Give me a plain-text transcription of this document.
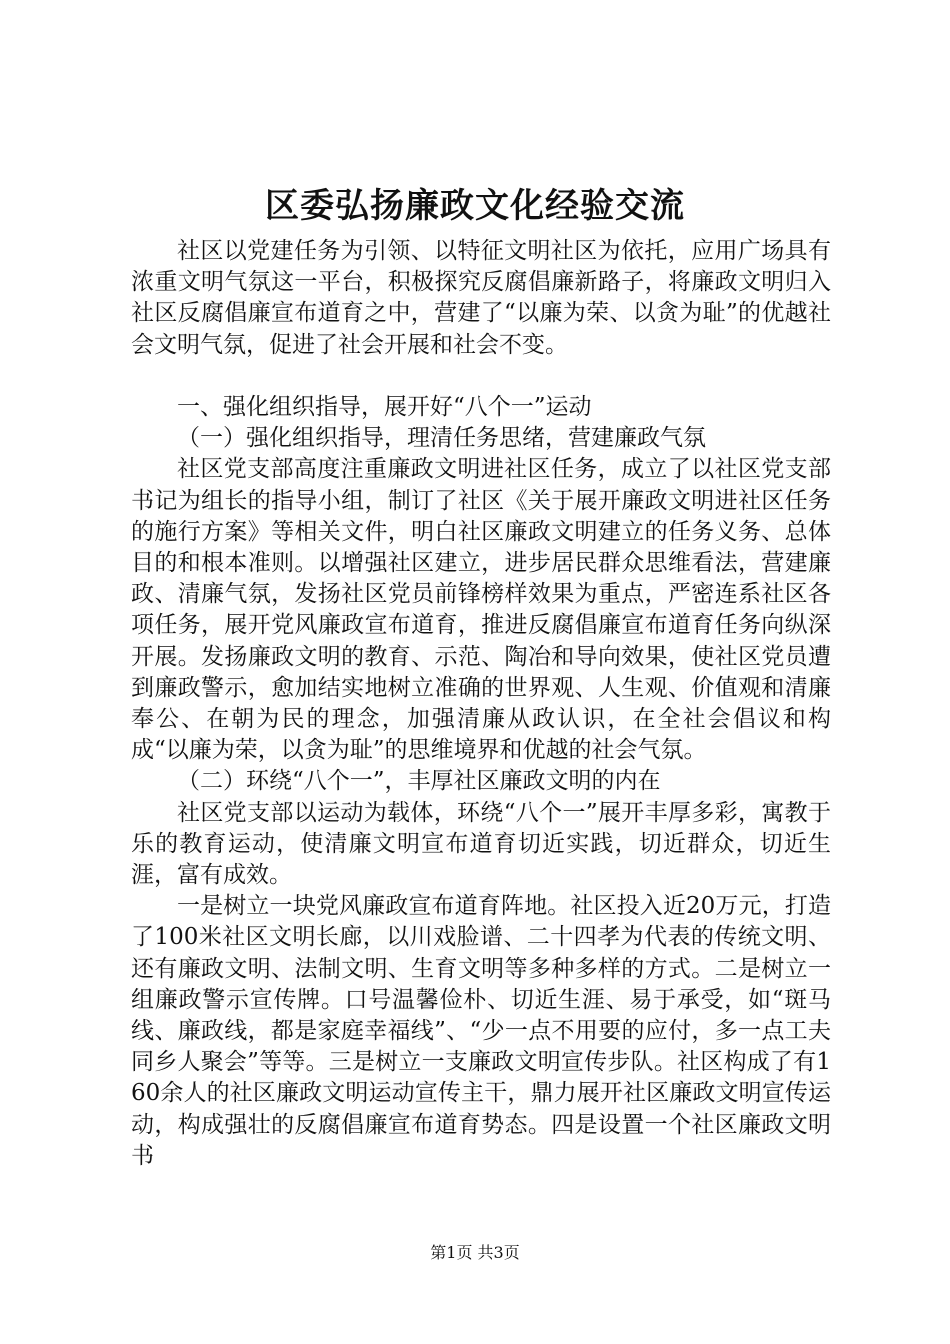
区委弘扬廉政文化经验交流

社区以党建任务为引领、以特征文明社区为依托，应用广场具有浓重文明气氛这一平台，积极探究反腐倡廉新路子，将廉政文明归入社区反腐倡廉宣布道育之中，营建了“以廉为荣、以贪为耻”的优越社会文明气氛，促进了社会开展和社会不变。

一、强化组织指导，展开好“八个一”运动

（一）强化组织指导，理清任务思绪，营建廉政气氛

社区党支部高度注重廉政文明进社区任务，成立了以社区党支部书记为组长的指导小组，制订了社区《关于展开廉政文明进社区任务的施行方案》等相关文件，明白社区廉政文明建立的任务义务、总体目的和根本准则。以增强社区建立，进步居民群众思维看法，营建廉政、清廉气氛，发扬社区党员前锋榜样效果为重点，严密连系社区各项任务，展开党风廉政宣布道育，推进反腐倡廉宣布道育任务向纵深开展。发扬廉政文明的教育、示范、陶冶和导向效果，使社区党员遭到廉政警示，愈加结实地树立准确的世界观、人生观、价值观和清廉奉公、在朝为民的理念，加强清廉从政认识，在全社会倡议和构成“以廉为荣，以贪为耻”的思维境界和优越的社会气氛。

（二）环绕“八个一”，丰厚社区廉政文明的内在

社区党支部以运动为载体，环绕“八个一”展开丰厚多彩，寓教于乐的教育运动，使清廉文明宣布道育切近实践，切近群众，切近生涯，富有成效。

一是树立一块党风廉政宣布道育阵地。社区投入近20万元，打造了100米社区文明长廊，以川戏脸谱、二十四孝为代表的传统文明、还有廉政文明、法制文明、生育文明等多种多样的方式。二是树立一组廉政警示宣传牌。口号温馨俭朴、切近生涯、易于承受，如“斑马线、廉政线，都是家庭幸福线”、“少一点不用要的应付，多一点工夫同乡人聚会”等等。三是树立一支廉政文明宣传步队。社区构成了有160余人的社区廉政文明运动宣传主干，鼎力展开社区廉政文明宣传运动，构成强壮的反腐倡廉宣布道育势态。四是设置一个社区廉政文明书

第1页 共3页
